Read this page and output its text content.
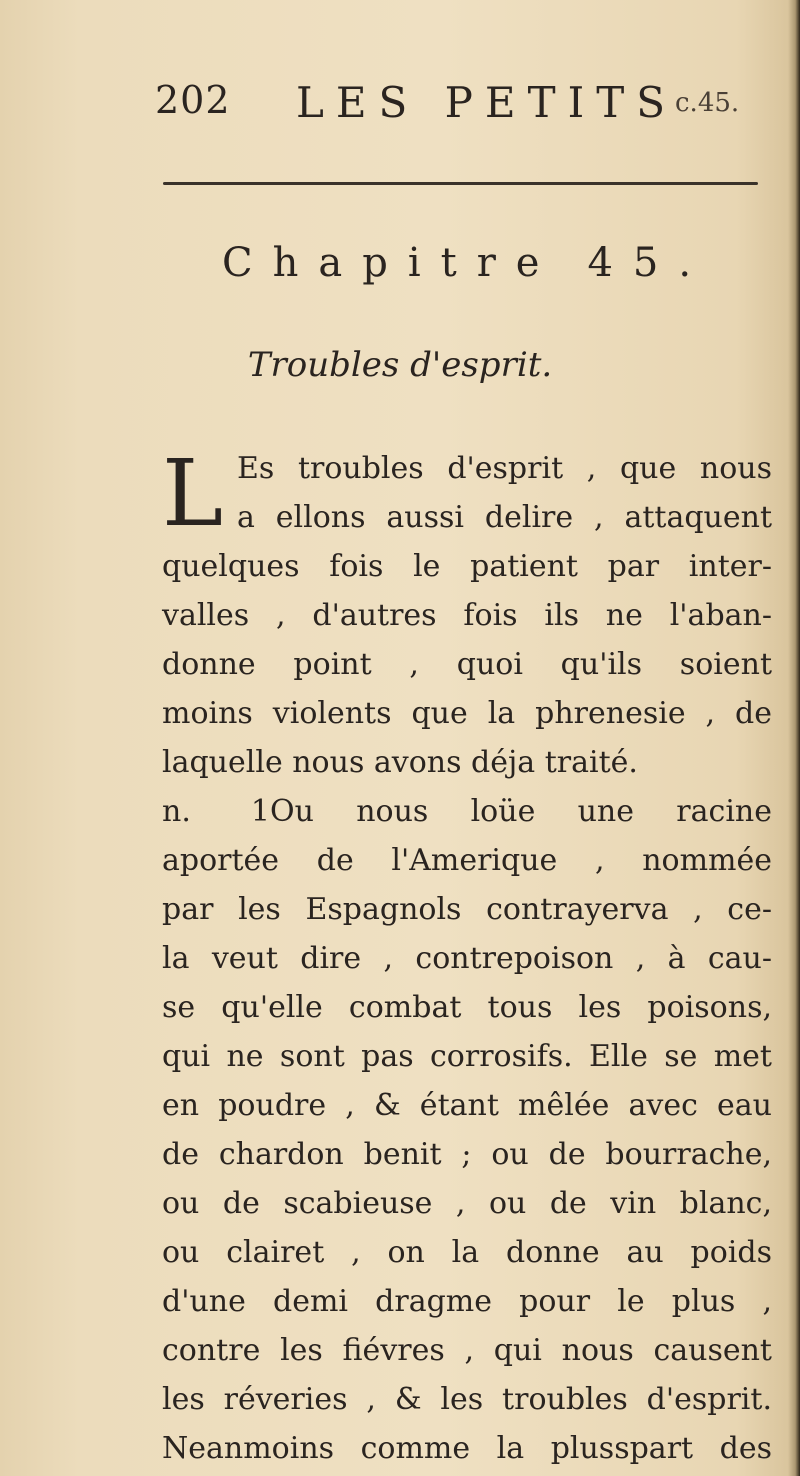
202 LES PETITS
c.45.
Chapitre 45.
Troubles d'esprit.
L Es troubles d'esprit , que nous
a ellons aussi delire , attaquent
quelques fois le patient par inter-
valles , d'autres fois ils ne l'aban-
donne point , quoi qu'ils soient
moins violents que la phrenesie , de
laquelle nous avons déja traité.
n. 1Ou nous loüe une racine
aportée de l'Amerique , nommée
par les Espagnols contrayerva , ce-
la veut dire , contrepoison , à cau-
se qu'elle combat tous les poisons,
qui ne sont pas corrosifs. Elle se met
en poudre , & étant mêlée avec eau
de chardon benit ; ou de bourrache,
ou de scabieuse , ou de vin blanc,
ou clairet , on la donne au poids
d'une demi dragme pour le plus ,
contre les fiévres , qui nous causent
les réveries , & les troubles d'esprit.
Neanmoins comme la plusspart des
